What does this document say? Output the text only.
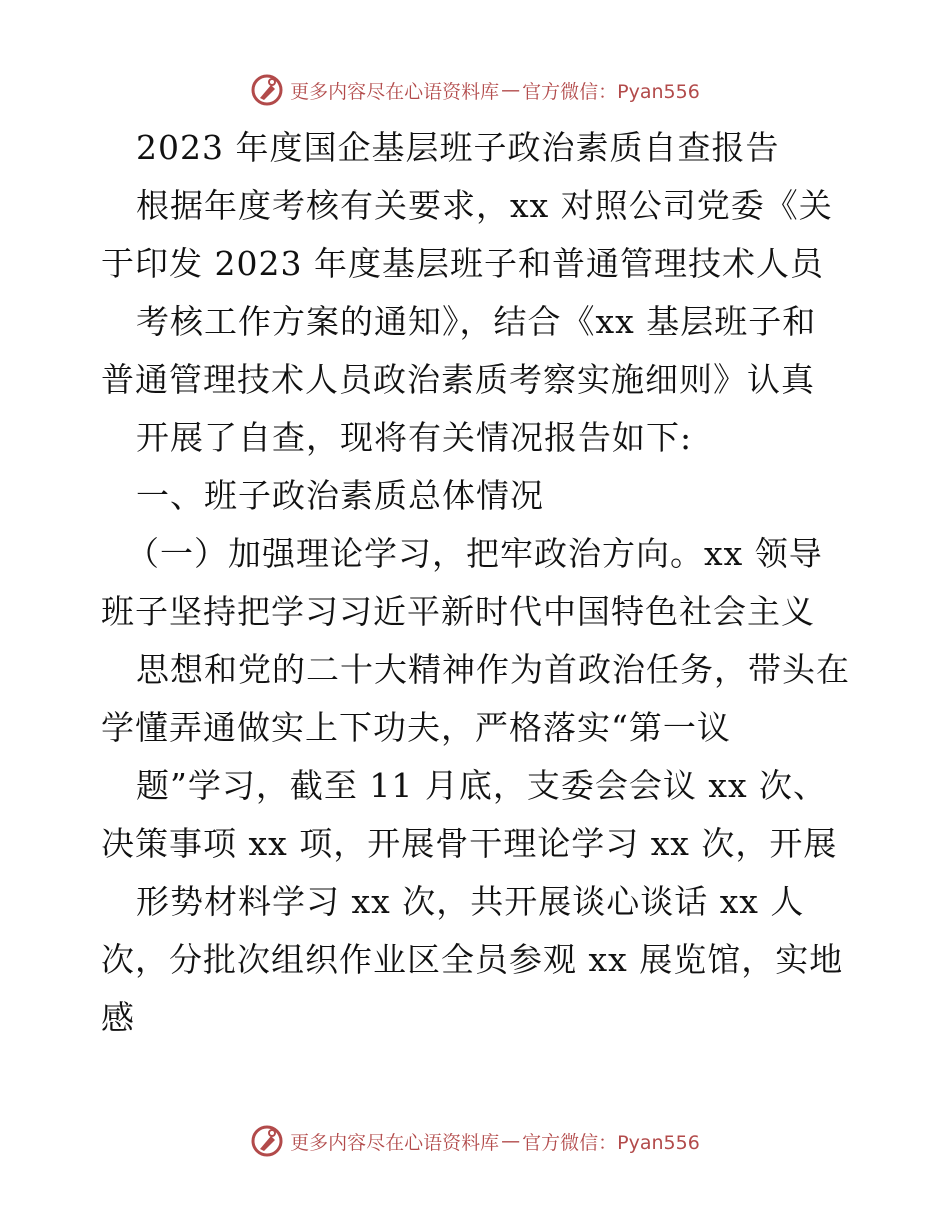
更多内容尽在心语资料库 — 官方微信：Pyan556
2023 年度国企基层班子政治素质自查报告
根据年度考核有关要求，xx 对照公司党委《关
于印发 2023 年度基层班子和普通管理技术人员
考核工作方案的通知》，结合《xx 基层班子和
普通管理技术人员政治素质考察实施细则》认真
开展了自查，现将有关情况报告如下:
一、班子政治素质总体情况
（一）加强理论学习，把牢政治方向。xx 领导
班子坚持把学习习近平新时代中国特色社会主义
思想和党的二十大精神作为首政治任务，带头在
学懂弄通做实上下功夫，严格落实“第一议
题”学习，截至 11 月底，支委会会议 xx 次、
决策事项 xx 项，开展骨干理论学习 xx 次，开展
形势材料学习 xx 次，共开展谈心谈话 xx 人
次，分批次组织作业区全员参观 xx 展览馆，实地
感
更多内容尽在心语资料库 — 官方微信：Pyan556
